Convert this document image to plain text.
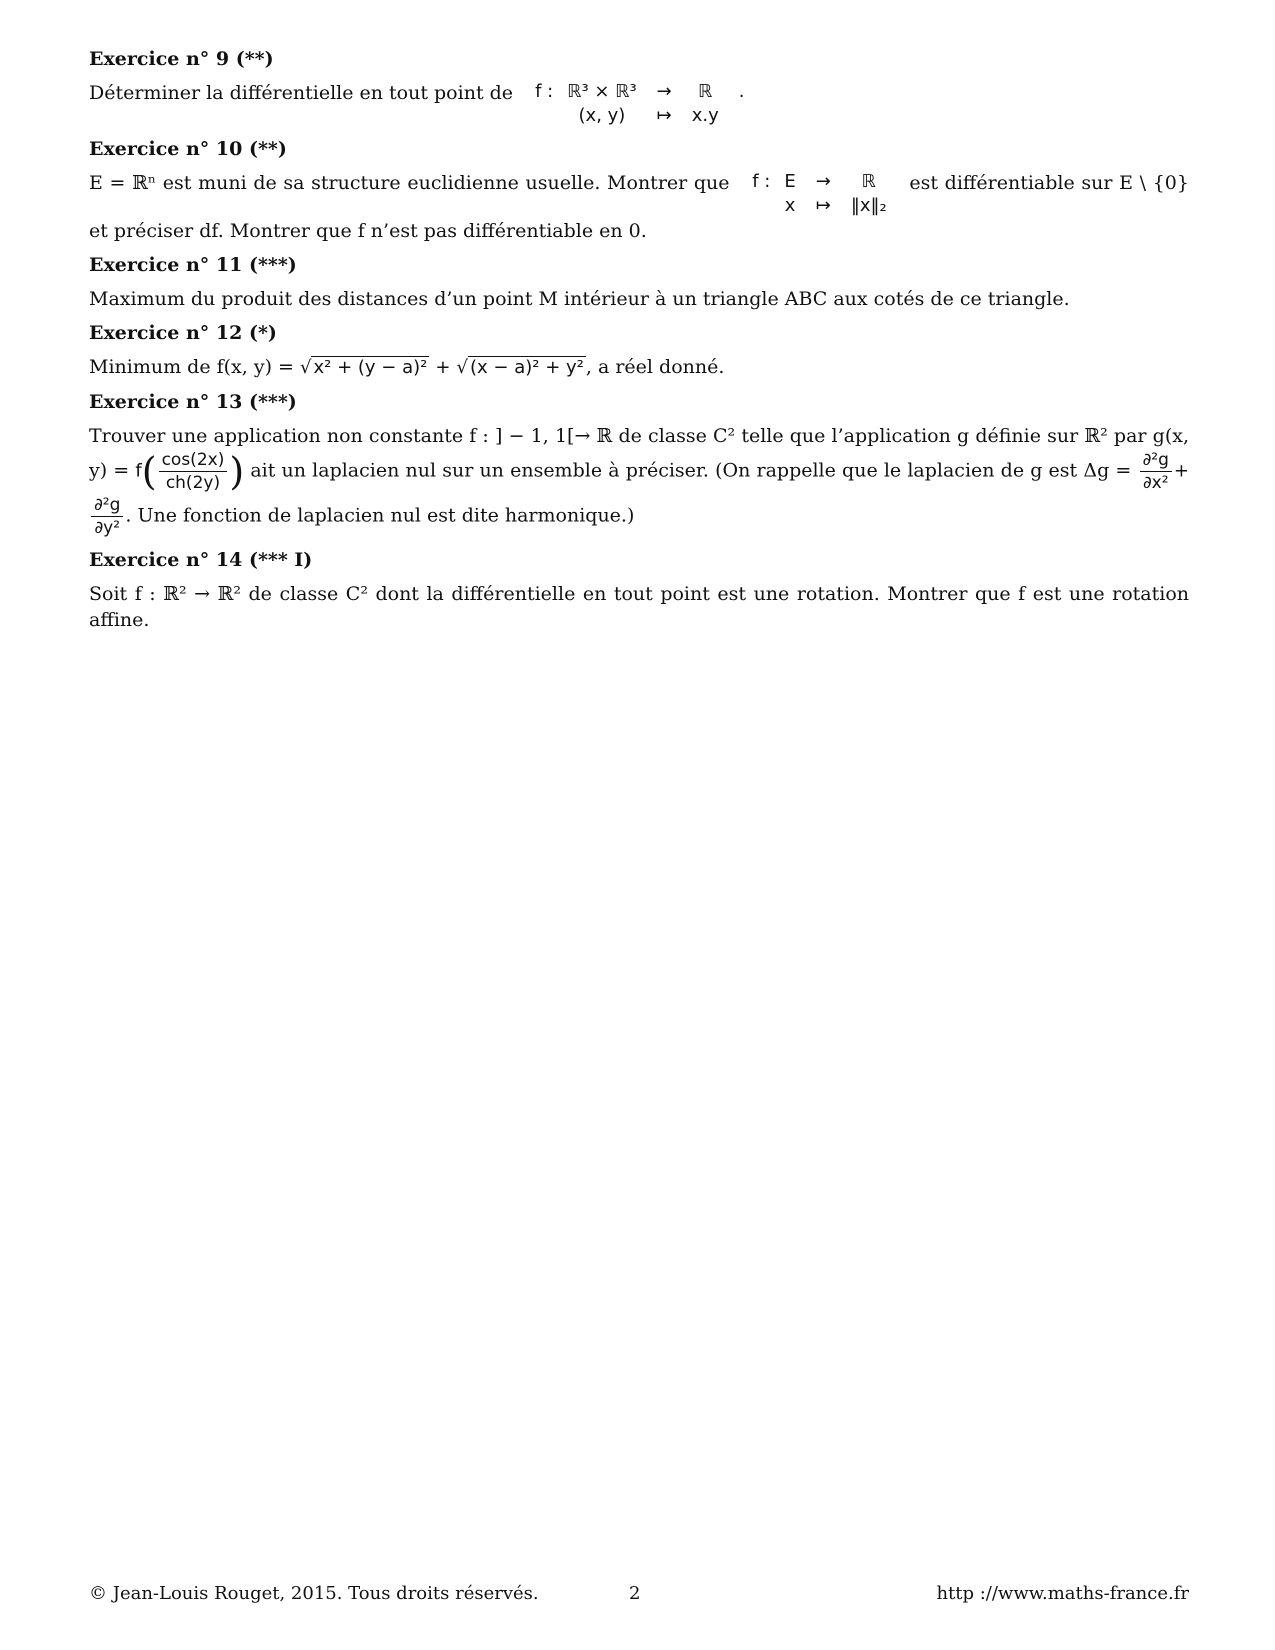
Exercice n° 9 (**)

Déterminer la différentielle en tout point de f :	ℝ³ × ℝ³	→	ℝ	.
	(x, y)	↦	x.y	

Exercice n° 10 (**)

E = ℝⁿ est muni de sa structure euclidienne usuelle. Montrer que f :	E	→	ℝ
	x	↦	‖x‖₂ est différentiable sur E \ {0} et préciser df. Montrer que f n’est pas différentiable en 0.

Exercice n° 11 (***)

Maximum du produit des distances d’un point M intérieur à un triangle ABC aux cotés de ce triangle.

Exercice n° 12 (*)

Minimum de f(x, y) = √ x² + (y − a)² + √ (x − a)² + y² , a réel donné.

Exercice n° 13 (***)

Trouver une application non constante f : ] − 1, 1[→ ℝ de classe C² telle que l’application g définie sur ℝ² par g(x, $y) = f( \frac{\cos(2x)}{ch(2y)}$ ) ait un laplacien nul sur un ensemble à préciser. (On rappelle que le laplacien de g est $\Delta g = \frac{\text{∂²g}}{\text{∂x²}}$ +
$\frac{\text{∂²g}}{\text{∂y²}}$ . Une fonction de laplacien nul est dite harmonique.)

Exercice n° 14 (*** I)

Soit f : ℝ² → ℝ² de classe C² dont la différentielle en tout point est une rotation. Montrer que f est une rotation affine.

© Jean-Louis Rouget, 2015. Tous droits réservés.	2	http ://www.maths-france.fr
